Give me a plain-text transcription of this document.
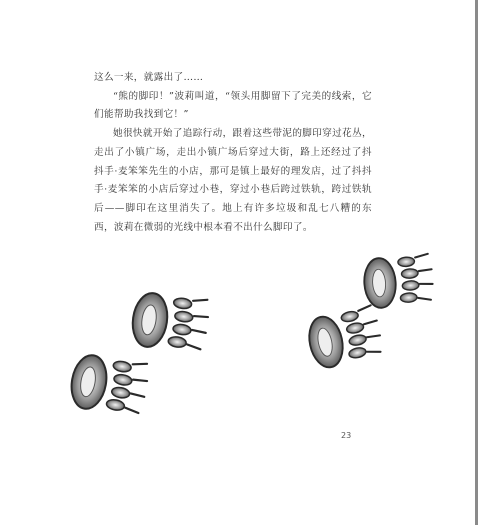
这么一来，就露出了……

“熊的脚印！”波莉叫道，“领头用脚留下了完美的线索，它们能帮助我找到它！”

她很快就开始了追踪行动，跟着这些带泥的脚印穿过花丛，走出了小镇广场，走出小镇广场后穿过大街，路上还经过了抖抖手·麦笨笨先生的小店，那可是镇上最好的理发店，过了抖抖手·麦笨笨的小店后穿过小巷，穿过小巷后跨过铁轨，跨过铁轨后——脚印在这里消失了。地上有许多垃圾和乱七八糟的东西，波莉在微弱的光线中根本看不出什么脚印了。

23
